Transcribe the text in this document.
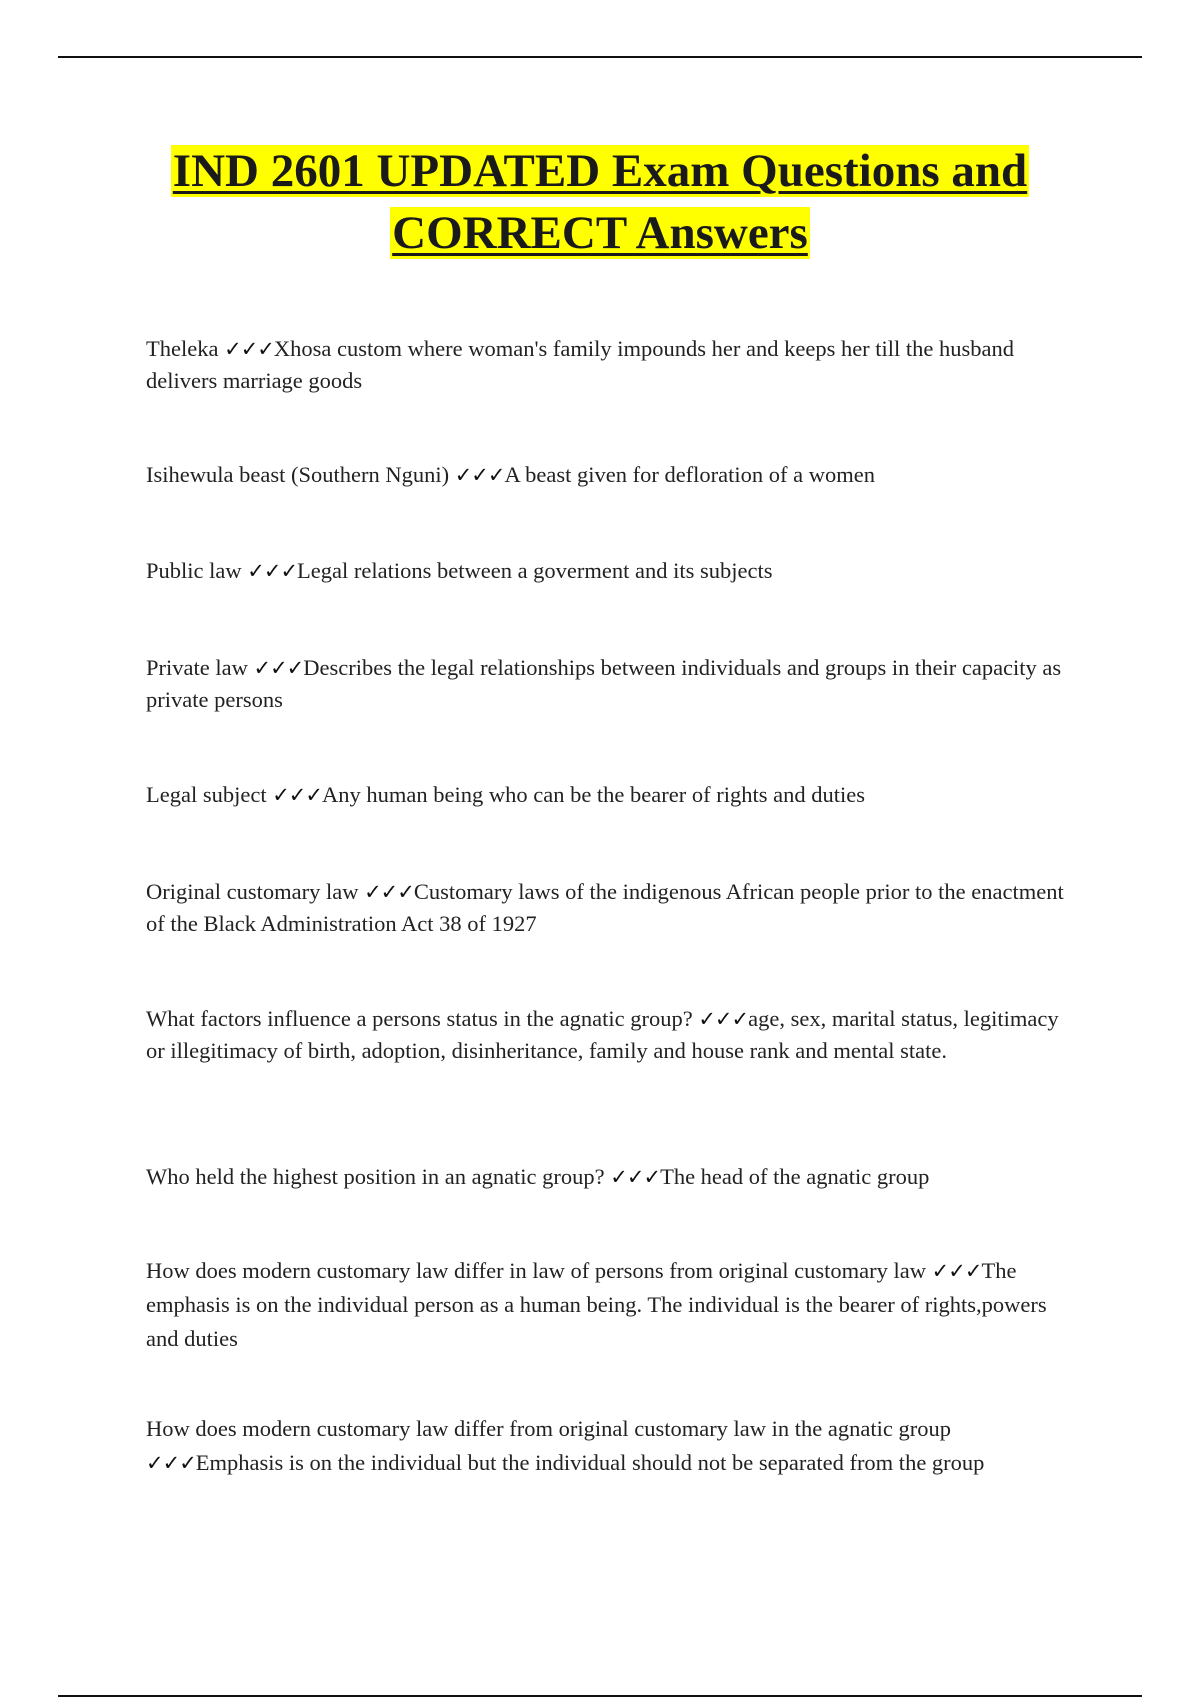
IND 2601 UPDATED Exam Questions and
CORRECT Answers
Theleka ✓✓✓Xhosa custom where woman's family impounds her and keeps her till the husband delivers marriage goods
Isihewula beast (Southern Nguni) ✓✓✓A beast given for defloration of a women
Public law ✓✓✓Legal relations between a goverment and its subjects
Private law ✓✓✓Describes the legal relationships between individuals and groups in their capacity as private persons
Legal subject ✓✓✓Any human being who can be the bearer of rights and duties
Original customary law ✓✓✓Customary laws of the indigenous African people prior to the enactment of the Black Administration Act 38 of 1927
What factors influence a persons status in the agnatic group? ✓✓✓age, sex, marital status, legitimacy or illegitimacy of birth, adoption, disinheritance, family and house rank and mental state.
Who held the highest position in an agnatic group? ✓✓✓The head of the agnatic group
How does modern customary law differ in law of persons from original customary law ✓✓✓The emphasis is on the individual person as a human being. The individual is the bearer of rights,powers and duties
How does modern customary law differ from original customary law in the agnatic group ✓✓✓Emphasis is on the individual but the individual should not be separated from the group
